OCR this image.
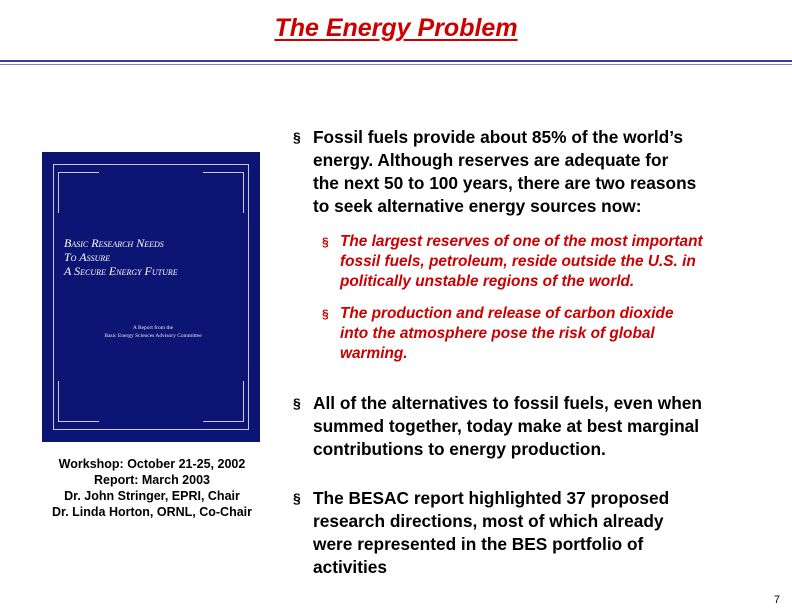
The Energy Problem
Basic Research Needs
To Assure
A Secure Energy Future
A Report from the
Basic Energy Sciences Advisory Committee
Workshop: October 21-25, 2002
Report: March 2003
Dr. John Stringer, EPRI, Chair
Dr. Linda Horton, ORNL, Co-Chair
§ Fossil fuels provide about 85% of the world’s
energy. Although reserves are adequate for
the next 50 to 100 years, there are two reasons
to seek alternative energy sources now:
§ The largest reserves of one of the most important
fossil fuels, petroleum, reside outside the U.S. in
politically unstable regions of the world.
§ The production and release of carbon dioxide
into the atmosphere pose the risk of global
warming.
§ All of the alternatives to fossil fuels, even when
summed together, today make at best marginal
contributions to energy production.
§ The BESAC report highlighted 37 proposed
research directions, most of which already
were represented in the BES portfolio of
activities
7
